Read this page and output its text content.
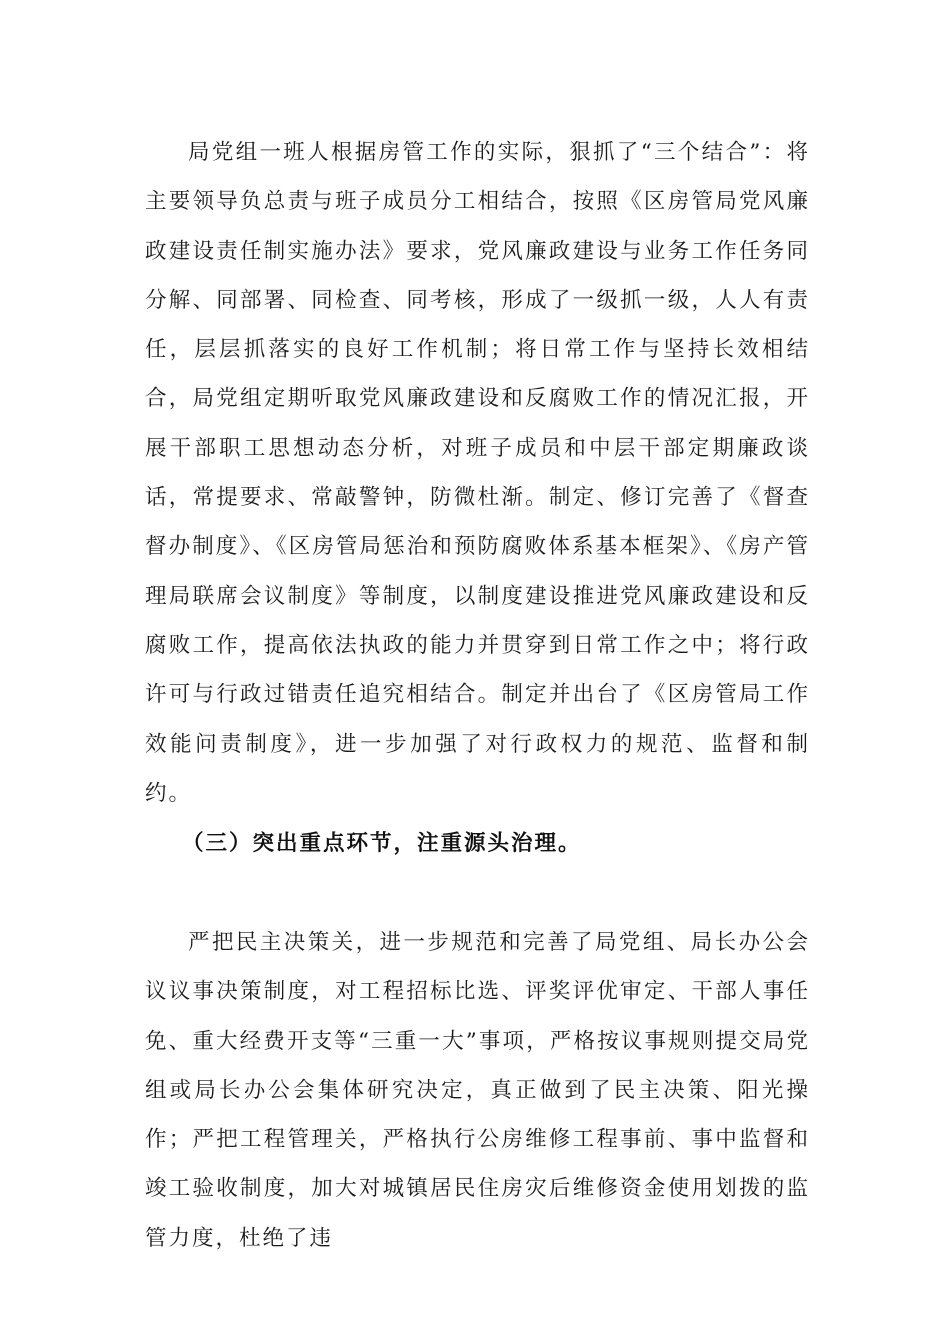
局党组一班人根据房管工作的实际，狠抓了“三个结合”：将主要领导负总责与班子成员分工相结合，按照《区房管局党风廉政建设责任制实施办法》要求，党风廉政建设与业务工作任务同分解、同部署、同检查、同考核，形成了一级抓一级，人人有责任，层层抓落实的良好工作机制；将日常工作与坚持长效相结合，局党组定期听取党风廉政建设和反腐败工作的情况汇报，开展干部职工思想动态分析，对班子成员和中层干部定期廉政谈话，常提要求、常敲警钟，防微杜渐。制定、修订完善了《督查督办制度》、《区房管局惩治和预防腐败体系基本框架》、《房产管理局联席会议制度》等制度，以制度建设推进党风廉政建设和反腐败工作，提高依法执政的能力并贯穿到日常工作之中；将行政许可与行政过错责任追究相结合。制定并出台了《区房管局工作效能问责制度》，进一步加强了对行政权力的规范、监督和制约。

（三）突出重点环节，注重源头治理。

严把民主决策关，进一步规范和完善了局党组、局长办公会议议事决策制度，对工程招标比选、评奖评优审定、干部人事任免、重大经费开支等“三重一大”事项，严格按议事规则提交局党组或局长办公会集体研究决定，真正做到了民主决策、阳光操作；严把工程管理关，严格执行公房维修工程事前、事中监督和竣工验收制度，加大对城镇居民住房灾后维修资金使用划拨的监管力度，杜绝了违
